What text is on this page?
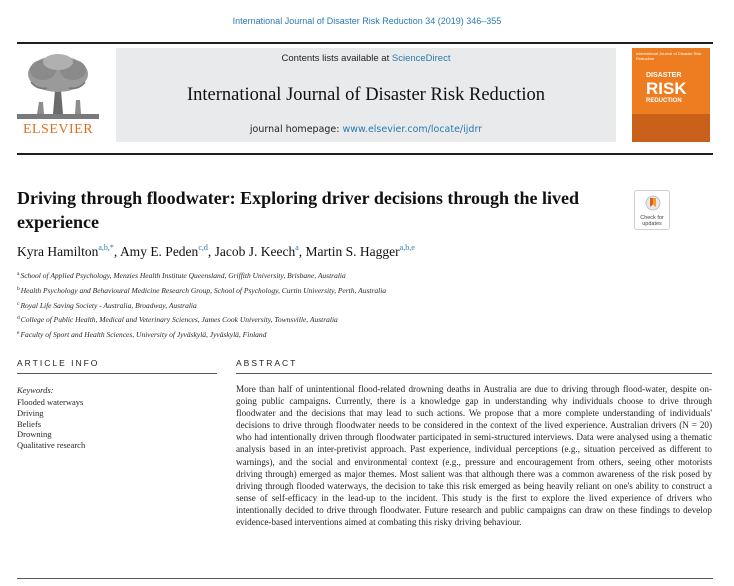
International Journal of Disaster Risk Reduction 34 (2019) 346–355
ELSEVIER
Contents lists available at ScienceDirect
International Journal of Disaster Risk Reduction
journal homepage: www.elsevier.com/locate/ijdrr
International Journal of Disaster Risk Reduction
DISASTER
RISK
REDUCTION
Driving through floodwater: Exploring driver decisions through the lived experience	Check for updates
Kyra Hamilton$^{a,b,*}$, Amy E. Peden$^{c,d}$, Jacob J. Keech$^a$, Martin S. Hagger$^{a,b,e}$
$^a$School of Applied Psychology, Menzies Health Institute Queensland, Griffith University, Brisbane, Australia
$^b$Health Psychology and Behavioural Medicine Research Group, School of Psychology, Curtin University, Perth, Australia
$^c$Royal Life Saving Society - Australia, Broadway, Australia
$^d$College of Public Health, Medical and Veterinary Sciences, James Cook University, Townsville, Australia
$^e$Faculty of Sport and Health Sciences, University of Jyväskylä, Jyväskylä, Finland
ARTICLE INFO	ABSTRACT
Keywords:
Flooded waterways
Driving
Beliefs
Drowning
Qualitative research

More than half of unintentional flood-related drowning deaths in Australia are due to driving through flood-water, despite on-going public campaigns. Currently, there is a knowledge gap in understanding why individuals choose to drive through floodwater and the decisions that may lead to such actions. We propose that a more complete understanding of individuals' decisions to drive through floodwater needs to be considered in the context of the lived experience. Australian drivers (N = 20) who had intentionally driven through floodwater participated in semi-structured interviews. Data were analysed using a thematic analysis based in an inter-pretivist approach. Past experience, individual perceptions (e.g., situation perceived as different to warnings), and the social and environmental context (e.g., pressure and encouragement from others, seeing other motorists driving through) emerged as major themes. Most salient was that although there was a common awareness of the risk posed by driving through flooded waterways, the decision to take this risk emerged as being heavily reliant on one's ability to construct a sense of self-efficacy in the lead-up to the incident. This study is the first to explore the lived experience of drivers who intentionally decided to drive through floodwater. Future research and public campaigns can draw on these findings to develop evidence-based interventions aimed at combating this risky driving behaviour.
